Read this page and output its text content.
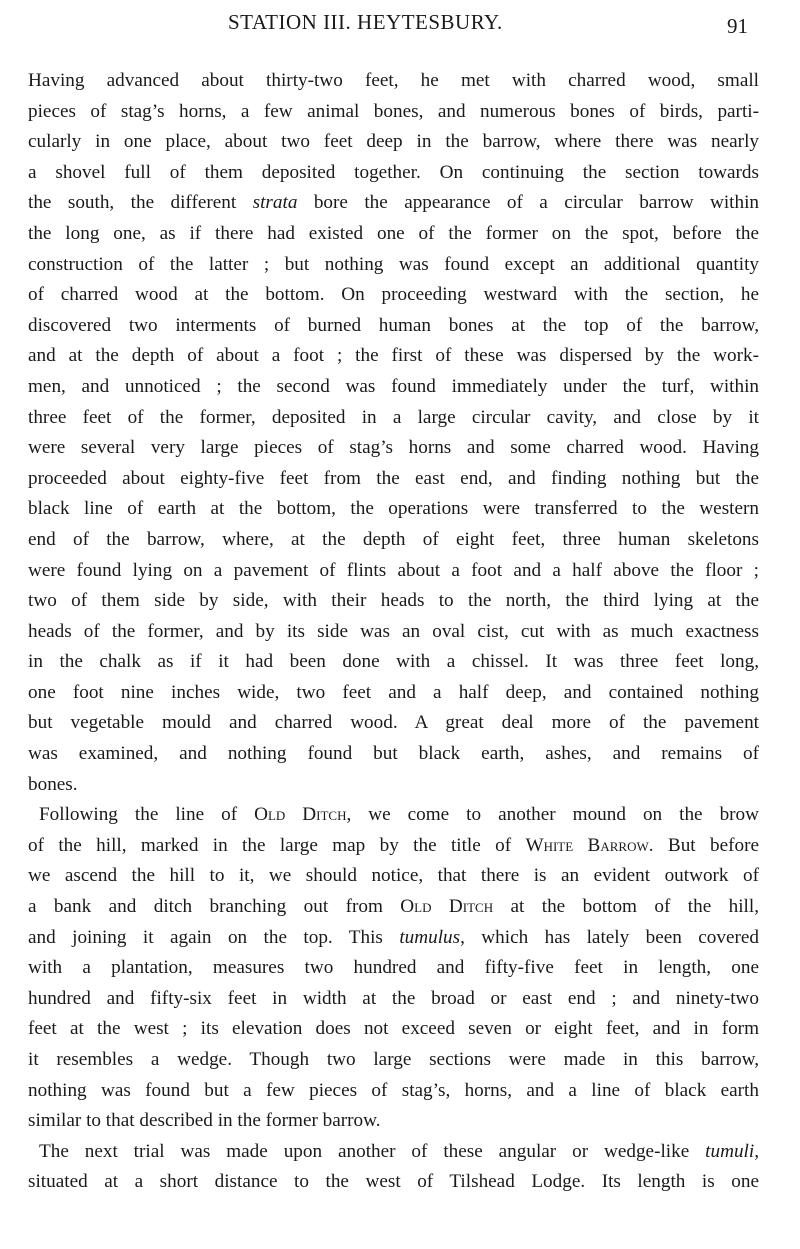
STATION III. HEYTESBURY.	91
Having advanced about thirty-two feet, he met with charred wood, small
pieces of stag’s horns, a few animal bones, and numerous bones of birds, parti-
cularly in one place, about two feet deep in the barrow, where there was nearly
a shovel full of them deposited together. On continuing the section towards
the south, the different strata bore the appearance of a circular barrow within
the long one, as if there had existed one of the former on the spot, before the
construction of the latter ; but nothing was found except an additional quantity
of charred wood at the bottom. On proceeding westward with the section, he
discovered two interments of burned human bones at the top of the barrow,
and at the depth of about a foot ; the first of these was dispersed by the work-
men, and unnoticed ; the second was found immediately under the turf, within
three feet of the former, deposited in a large circular cavity, and close by it
were several very large pieces of stag’s horns and some charred wood. Having
proceeded about eighty-five feet from the east end, and finding nothing but the
black line of earth at the bottom, the operations were transferred to the western
end of the barrow, where, at the depth of eight feet, three human skeletons
were found lying on a pavement of flints about a foot and a half above the floor ;
two of them side by side, with their heads to the north, the third lying at the
heads of the former, and by its side was an oval cist, cut with as much exactness
in the chalk as if it had been done with a chissel. It was three feet long,
one foot nine inches wide, two feet and a half deep, and contained nothing
but vegetable mould and charred wood. A great deal more of the pavement
was examined, and nothing found but black earth, ashes, and remains of
bones.
Following the line of Old Ditch, we come to another mound on the brow
of the hill, marked in the large map by the title of White Barrow. But before
we ascend the hill to it, we should notice, that there is an evident outwork of
a bank and ditch branching out from Old Ditch at the bottom of the hill,
and joining it again on the top. This tumulus, which has lately been covered
with a plantation, measures two hundred and fifty-five feet in length, one
hundred and fifty-six feet in width at the broad or east end ; and ninety-two
feet at the west ; its elevation does not exceed seven or eight feet, and in form
it resembles a wedge. Though two large sections were made in this barrow,
nothing was found but a few pieces of stag’s, horns, and a line of black earth
similar to that described in the former barrow.
The next trial was made upon another of these angular or wedge-like tumuli,
situated at a short distance to the west of Tilshead Lodge. Its length is one
